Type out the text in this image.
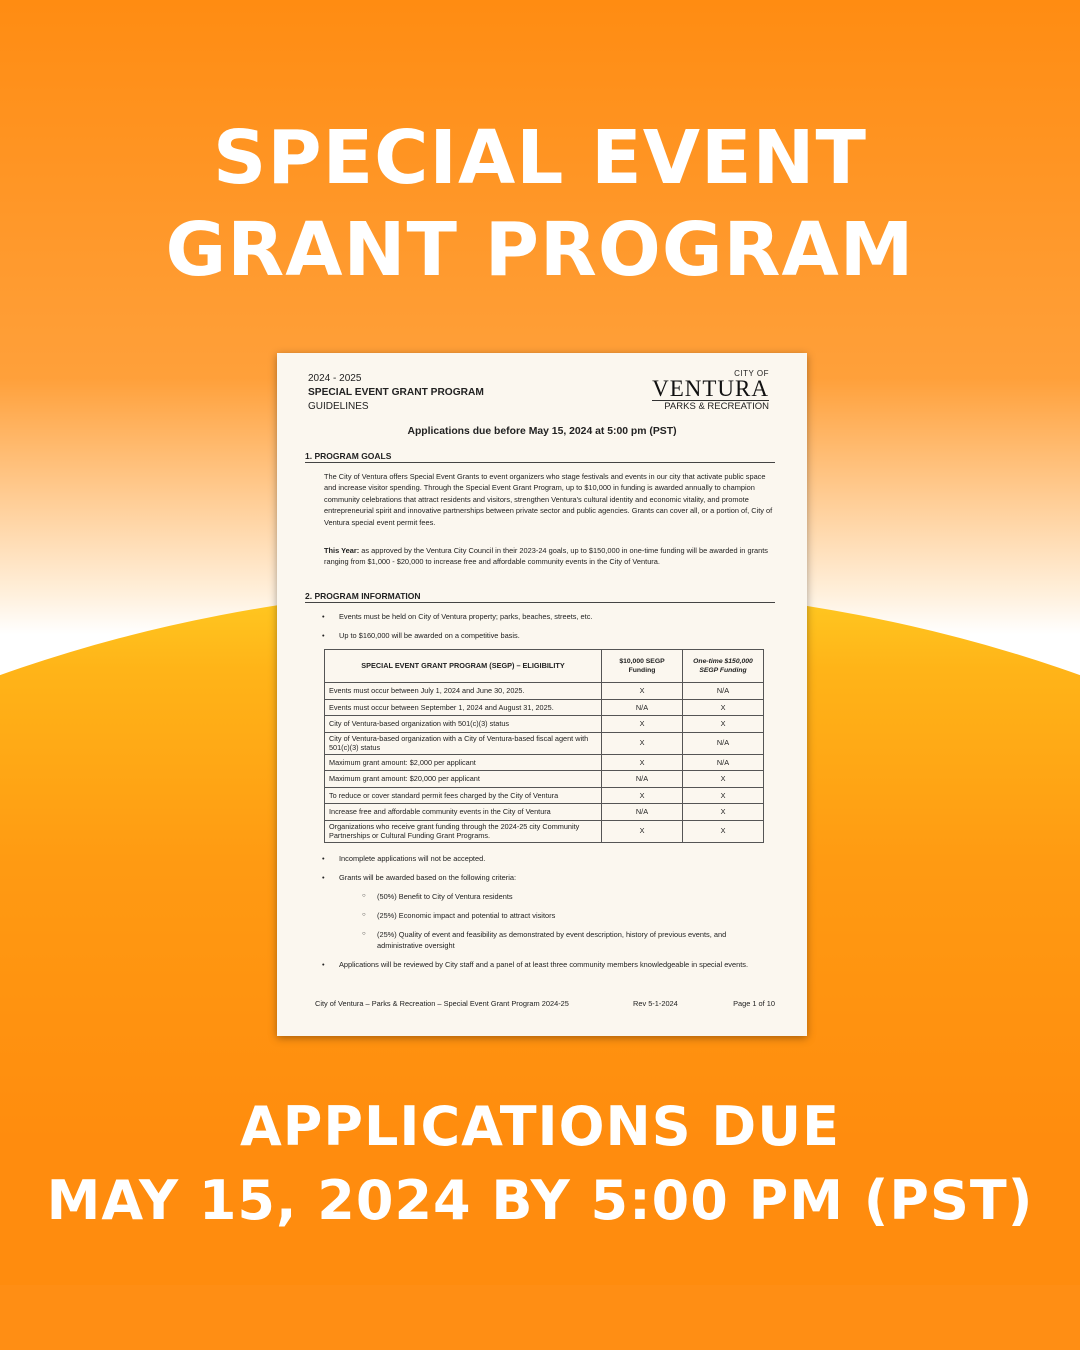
SPECIAL EVENT
GRANT PROGRAM
2024 - 2025
SPECIAL EVENT GRANT PROGRAM
GUIDELINES
CITY OF
VENTURA
PARKS & RECREATION
Applications due before May 15, 2024 at 5:00 pm (PST)
1. PROGRAM GOALS
The City of Ventura offers Special Event Grants to event organizers who stage festivals and events in our city that activate public space and increase visitor spending. Through the Special Event Grant Program, up to $10,000 in funding is awarded annually to champion community celebrations that attract residents and visitors, strengthen Ventura's cultural identity and economic vitality, and promote entrepreneurial spirit and innovative partnerships between private sector and public agencies. Grants can cover all, or a portion of, City of Ventura special event permit fees.
This Year: as approved by the Ventura City Council in their 2023-24 goals, up to $150,000 in one-time funding will be awarded in grants ranging from $1,000 - $20,000 to increase free and affordable community events in the City of Ventura.
2. PROGRAM INFORMATION
• Events must be held on City of Ventura property; parks, beaches, streets, etc.
• Up to $160,000 will be awarded on a competitive basis.
SPECIAL EVENT GRANT PROGRAM (SEGP) – ELIGIBILITY	$10,000 SEGP Funding	One-time $150,000 SEGP Funding
Events must occur between July 1, 2024 and June 30, 2025.	X	N/A
Events must occur between September 1, 2024 and August 31, 2025.	N/A	X
City of Ventura-based organization with 501(c)(3) status	X	X
City of Ventura-based organization with a City of Ventura-based fiscal agent with 501(c)(3) status	X	N/A
Maximum grant amount: $2,000 per applicant	X	N/A
Maximum grant amount: $20,000 per applicant	N/A	X
To reduce or cover standard permit fees charged by the City of Ventura	X	X
Increase free and affordable community events in the City of Ventura	N/A	X
Organizations who receive grant funding through the 2024-25 city Community Partnerships or Cultural Funding Grant Programs.	X	X
• Incomplete applications will not be accepted.
• Grants will be awarded based on the following criteria:
○ (50%) Benefit to City of Ventura residents
○ (25%) Economic impact and potential to attract visitors
○ (25%) Quality of event and feasibility as demonstrated by event description, history of previous events, and administrative oversight
• Applications will be reviewed by City staff and a panel of at least three community members knowledgeable in special events.
City of Ventura – Parks & Recreation – Special Event Grant Program 2024-25	Rev 5-1-2024	Page 1 of 10
APPLICATIONS DUE
MAY 15, 2024 BY 5:00 PM (PST)
